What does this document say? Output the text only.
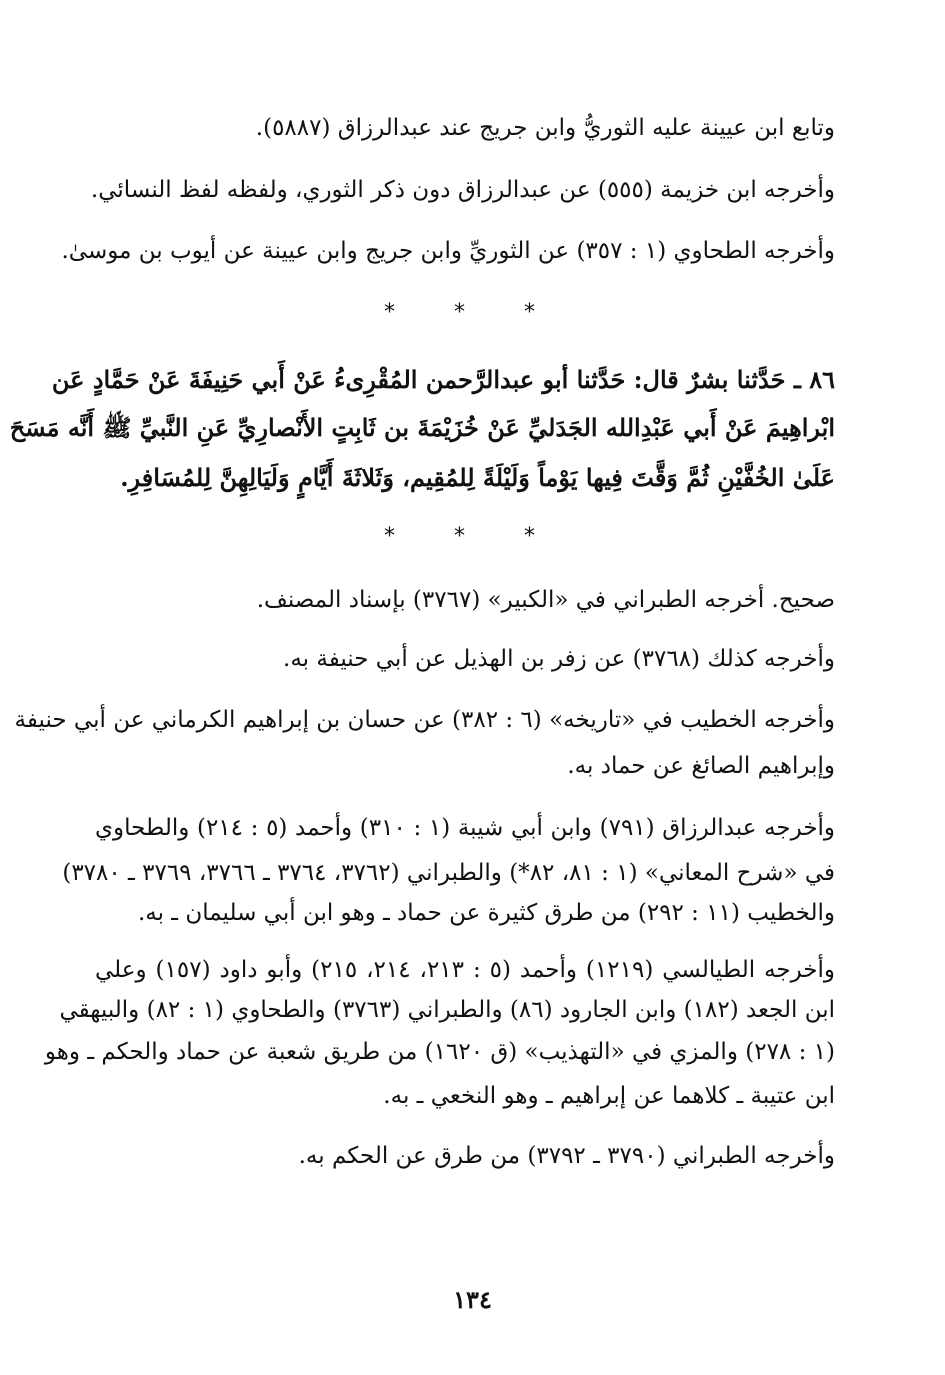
وتابع ابن عيينة عليه الثوريُّ وابن جريج عند عبدالرزاق (٥٨٨٧).
وأخرجه ابن خزيمة (٥٥٥) عن عبدالرزاق دون ذكر الثوري، ولفظه لفظ النسائي.
وأخرجه الطحاوي (١ : ٣٥٧) عن الثوريِّ وابن جريج وابن عيينة عن أيوب بن موسىٰ.
* * *
٨٦ ـ حَدَّثنا بشرٌ قال: حَدَّثنا أبو عبدالرَّحمن المُقْرِىءُ عَنْ أَبي حَنِيفَةَ عَنْ حَمَّادٍ عَن
ابْراهِيمَ عَنْ أَبي عَبْدِالله الجَدَليِّ عَنْ خُزَيْمَةَ بن ثَابِتٍ الأَنْصارِيِّ عَنِ النَّبيِّ ﷺ أَنَّه مَسَحَ
عَلَىٰ الخُفَّيْنِ ثُمَّ وَقَّتَ فِيها يَوْماً وَلَيْلَةً لِلمُقِيم، وَثَلاثَةَ أَيَّامٍ وَلَيَالِهِنَّ لِلمُسَافِرِ.
* * *
صحيح. أخرجه الطبراني في «الكبير» (٣٧٦٧) بإسناد المصنف.
وأخرجه كذلك (٣٧٦٨) عن زفر بن الهذيل عن أبي حنيفة به.
وأخرجه الخطيب في «تاريخه» (٦ : ٣٨٢) عن حسان بن إبراهيم الكرماني عن أبي حنيفة
وإبراهيم الصائغ عن حماد به.
وأخرجه عبدالرزاق (٧٩١) وابن أبي شيبة (١ : ٣١٠) وأحمد (٥ : ٢١٤) والطحاوي
في «شرح المعاني» (١ : ٨١، ٨٢*) والطبراني (٣٧٦٢، ٣٧٦٤ ـ ٣٧٦٦، ٣٧٦٩ ـ ٣٧٨٠)
والخطيب (١١ : ٢٩٢) من طرق كثيرة عن حماد ـ وهو ابن أبي سليمان ـ به.
وأخرجه الطيالسي (١٢١٩) وأحمد (٥ : ٢١٣، ٢١٤، ٢١٥) وأبو داود (١٥٧) وعلي
ابن الجعد (١٨٢) وابن الجارود (٨٦) والطبراني (٣٧٦٣) والطحاوي (١ : ٨٢) والبيهقي
(١ : ٢٧٨) والمزي في «التهذيب» (ق ١٦٢٠) من طريق شعبة عن حماد والحكم ـ وهو
ابن عتيبة ـ كلاهما عن إبراهيم ـ وهو النخعي ـ به.
وأخرجه الطبراني (٣٧٩٠ ـ ٣٧٩٢) من طرق عن الحكم به.
١٣٤
